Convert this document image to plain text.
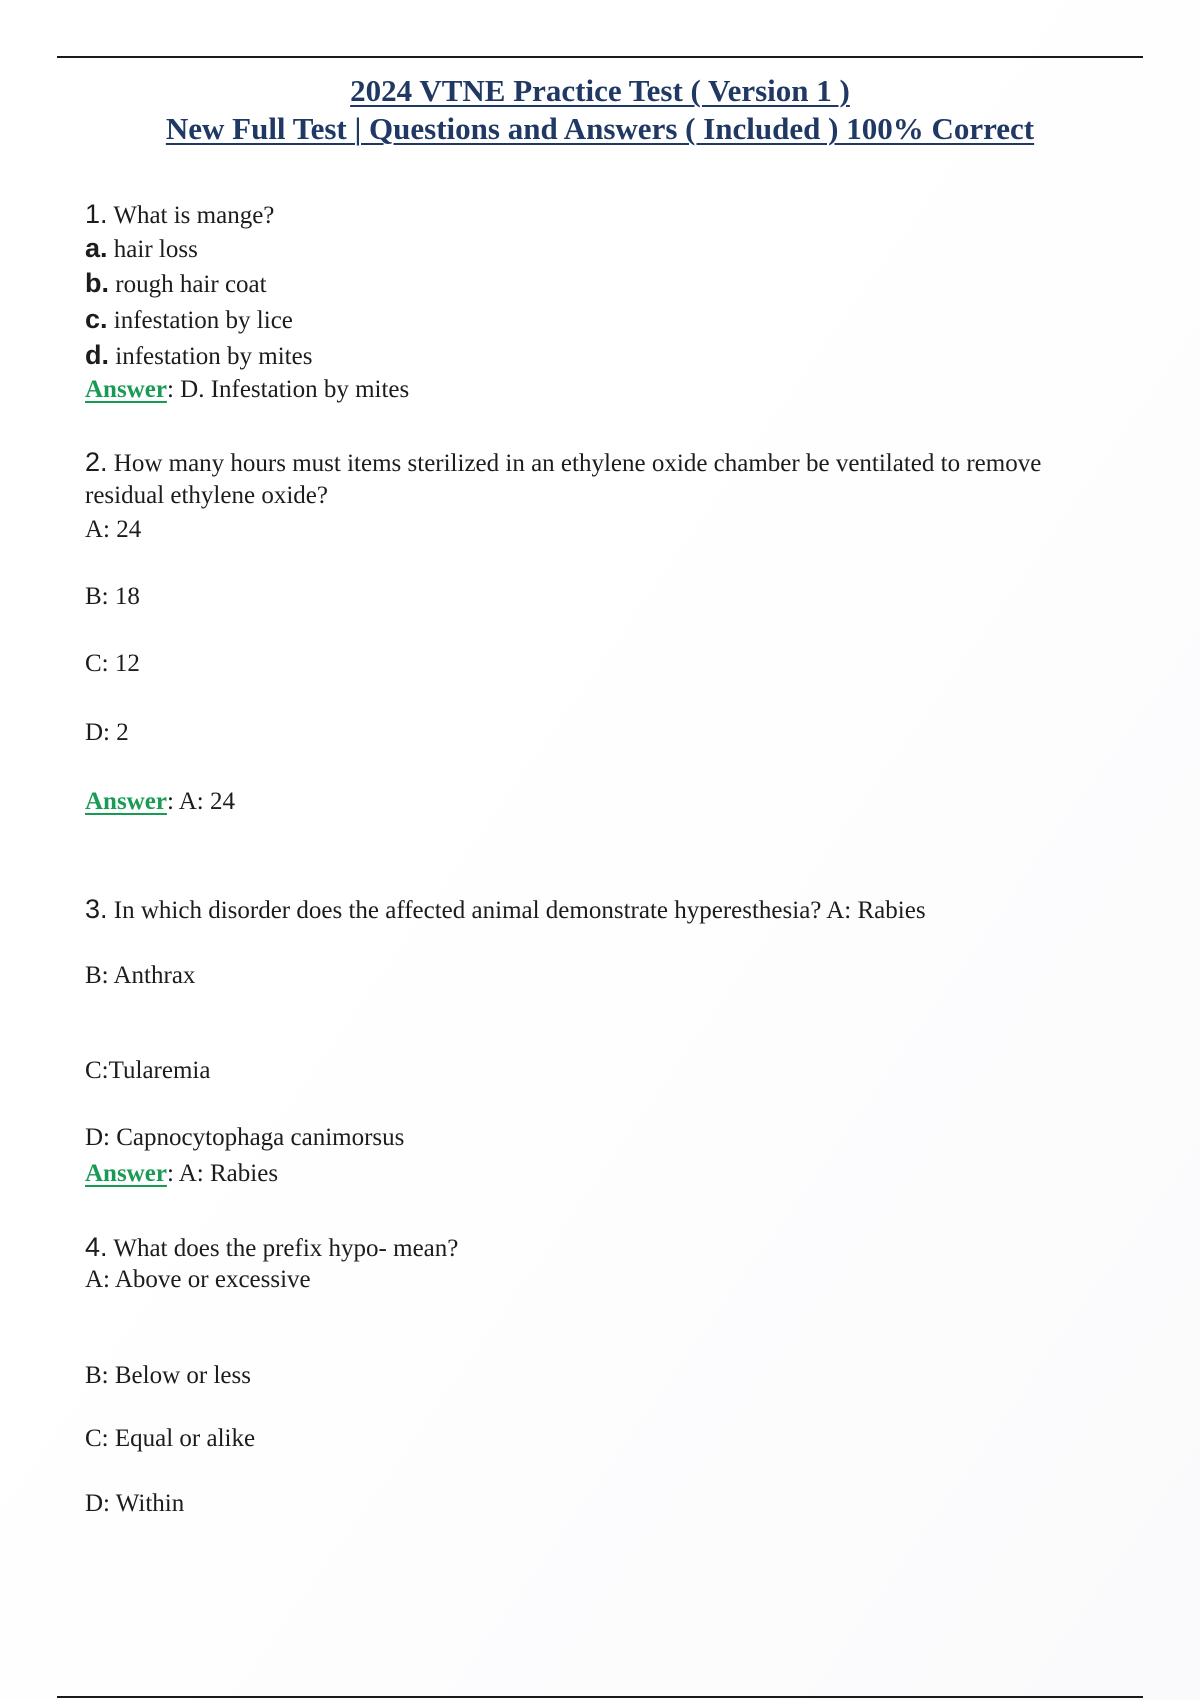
2024 VTNE Practice Test ( Version 1 )
New Full Test | Questions and Answers ( Included ) 100% Correct
1. What is mange?
a. hair loss
b. rough hair coat
c. infestation by lice
d. infestation by mites
Answer: D. Infestation by mites
2. How many hours must items sterilized in an ethylene oxide chamber be ventilated to remove residual ethylene oxide?
A: 24
B: 18
C: 12
D: 2
Answer: A: 24
3. In which disorder does the affected animal demonstrate hyperesthesia? A: Rabies
B: Anthrax
C:Tularemia
D: Capnocytophaga canimorsus
Answer: A: Rabies
4. What does the prefix hypo- mean?
A: Above or excessive
B: Below or less
C: Equal or alike
D: Within
